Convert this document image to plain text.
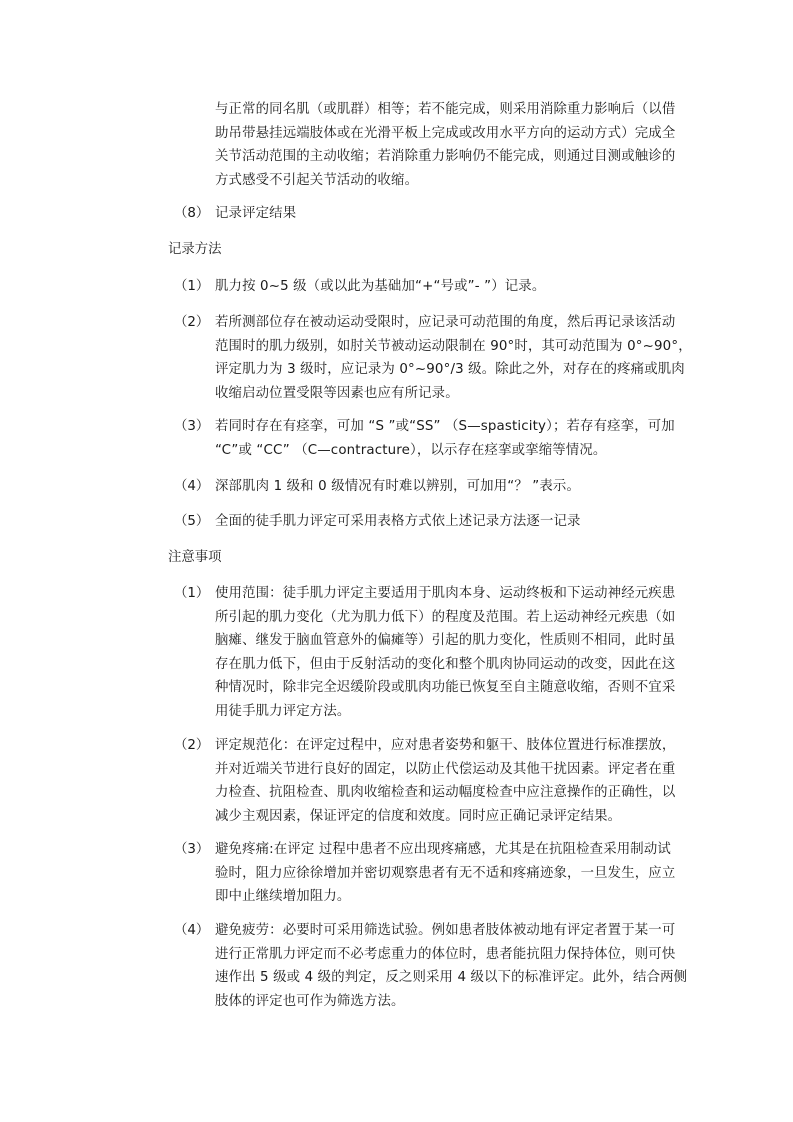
与正常的同名肌（或肌群）相等；若不能完成，则采用消除重力影响后（以借
助吊带悬挂远端肢体或在光滑平板上完成或改用水平方向的运动方式）完成全
关节活动范围的主动收缩；若消除重力影响仍不能完成，则通过目测或触诊的
方式感受不引起关节活动的收缩。
（8） 记录评定结果
记录方法
（1） 肌力按 0~5 级（或以此为基础加“+“号或”- ”）记录。
（2） 若所测部位存在被动运动受限时，应记录可动范围的角度，然后再记录该活动
范围时的肌力级别，如肘关节被动运动限制在 90°时，其可动范围为 0°~90°，
评定肌力为 3 级时，应记录为 0°~90°/3 级。除此之外，对存在的疼痛或肌肉
收缩启动位置受限等因素也应有所记录。
（3） 若同时存在有痉挛，可加 “S ”或“SS” （S—spasticity）；若存有痉挛，可加
“C”或 “CC” （C—contracture），以示存在痉挛或挛缩等情况。
（4） 深部肌肉 1 级和 0 级情况有时难以辨别，可加用“？ ”表示。
（5） 全面的徒手肌力评定可采用表格方式依上述记录方法逐一记录
注意事项
（1） 使用范围：徒手肌力评定主要适用于肌肉本身、运动终板和下运动神经元疾患
所引起的肌力变化（尤为肌力低下）的程度及范围。若上运动神经元疾患（如
脑瘫、继发于脑血管意外的偏瘫等）引起的肌力变化，性质则不相同，此时虽
存在肌力低下，但由于反射活动的变化和整个肌肉协同运动的改变，因此在这
种情况时，除非完全迟缓阶段或肌肉功能已恢复至自主随意收缩，否则不宜采
用徒手肌力评定方法。
（2） 评定规范化：在评定过程中，应对患者姿势和躯干、肢体位置进行标准摆放，
并对近端关节进行良好的固定，以防止代偿运动及其他干扰因素。评定者在重
力检查、抗阻检查、肌肉收缩检查和运动幅度检查中应注意操作的正确性，以
减少主观因素，保证评定的信度和效度。同时应正确记录评定结果。
（3） 避免疼痛:在评定 过程中患者不应出现疼痛感，尤其是在抗阻检查采用制动试
验时，阻力应徐徐增加并密切观察患者有无不适和疼痛迹象，一旦发生，应立
即中止继续增加阻力。
（4） 避免疲劳：必要时可采用筛选试验。例如患者肢体被动地有评定者置于某一可
进行正常肌力评定而不必考虑重力的体位时，患者能抗阻力保持体位，则可快
速作出 5 级或 4 级的判定，反之则采用 4 级以下的标准评定。此外，结合两侧
肢体的评定也可作为筛选方法。
